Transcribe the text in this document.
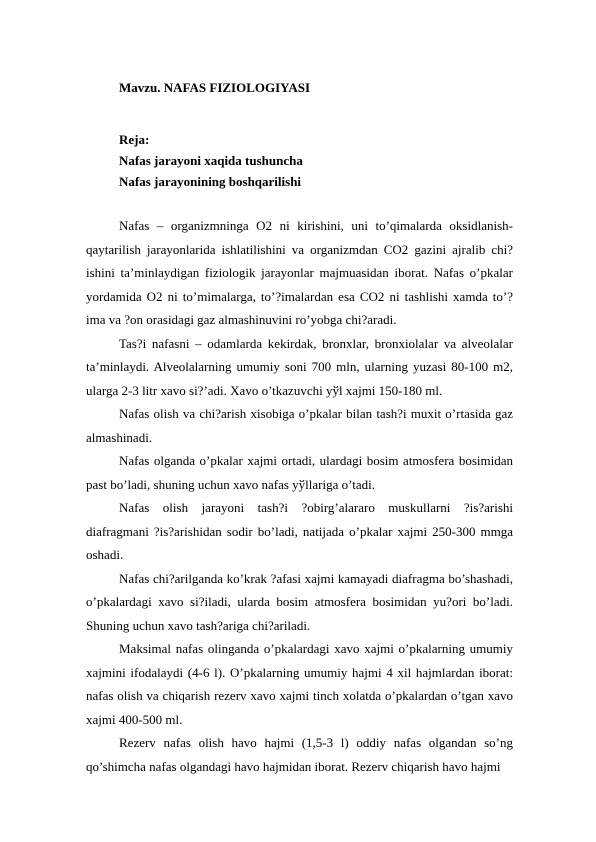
Mavzu. NAFAS FIZIOLOGIYASI
Reja:
Nafas jarayoni xaqida tushuncha
Nafas jarayonining boshqarilishi

Nafas – organizmninga O2 ni kirishini, uni to’qimalarda oksidlanish-qaytarilish jarayonlarida ishlatilishini va organizmdan CO2 gazini ajralib chi?ishini ta’minlaydigan fiziologik jarayonlar majmuasidan iborat. Nafas o’pkalar yordamida O2 ni to’mimalarga, to’?imalardan esa CO2 ni tashlishi xamda to’?ima va ?on orasidagi gaz almashinuvini ro’yobga chi?aradi.

Tas?i nafasni – odamlarda kekirdak, bronxlar, bronxiolalar va alveolalar ta’minlaydi. Alveolalarning umumiy soni 700 mln, ularning yuzasi 80-100 m2, ularga 2-3 litr xavo si?’adi. Xavo o’tkazuvchi yўl xajmi 150-180 ml.

Nafas olish va chi?arish xisobiga o’pkalar bilan tash?i muxit o’rtasida gaz almashinadi.

Nafas olganda o’pkalar xajmi ortadi, ulardagi bosim atmosfera bosimidan past bo’ladi, shuning uchun xavo nafas yўllariga o’tadi.

Nafas olish jarayoni tash?i ?obirg’alararo muskullarni ?is?arishi diafragmani ?is?arishidan sodir bo’ladi, natijada o’pkalar xajmi 250-300 mmga oshadi.

Nafas chi?arilganda ko’krak ?afasi xajmi kamayadi diafragma bo’shashadi, o’pkalardagi xavo si?iladi, ularda bosim atmosfera bosimidan yu?ori bo’ladi. Shuning uchun xavo tash?ariga chi?ariladi.

Maksimal nafas olinganda o’pkalardagi xavo xajmi o’pkalarning umumiy xajmini ifodalaydi (4-6 l). O’pkalarning umumiy hajmi 4 xil hajmlardan iborat: nafas olish va chiqarish rezerv xavo xajmi tinch xolatda o’pkalardan o’tgan xavo xajmi 400-500 ml.

Rezerv nafas olish havo hajmi (1,5-3 l) oddiy nafas olgandan so’ng qo’shimcha nafas olgandagi havo hajmidan iborat. Rezerv chiqarish havo hajmi
